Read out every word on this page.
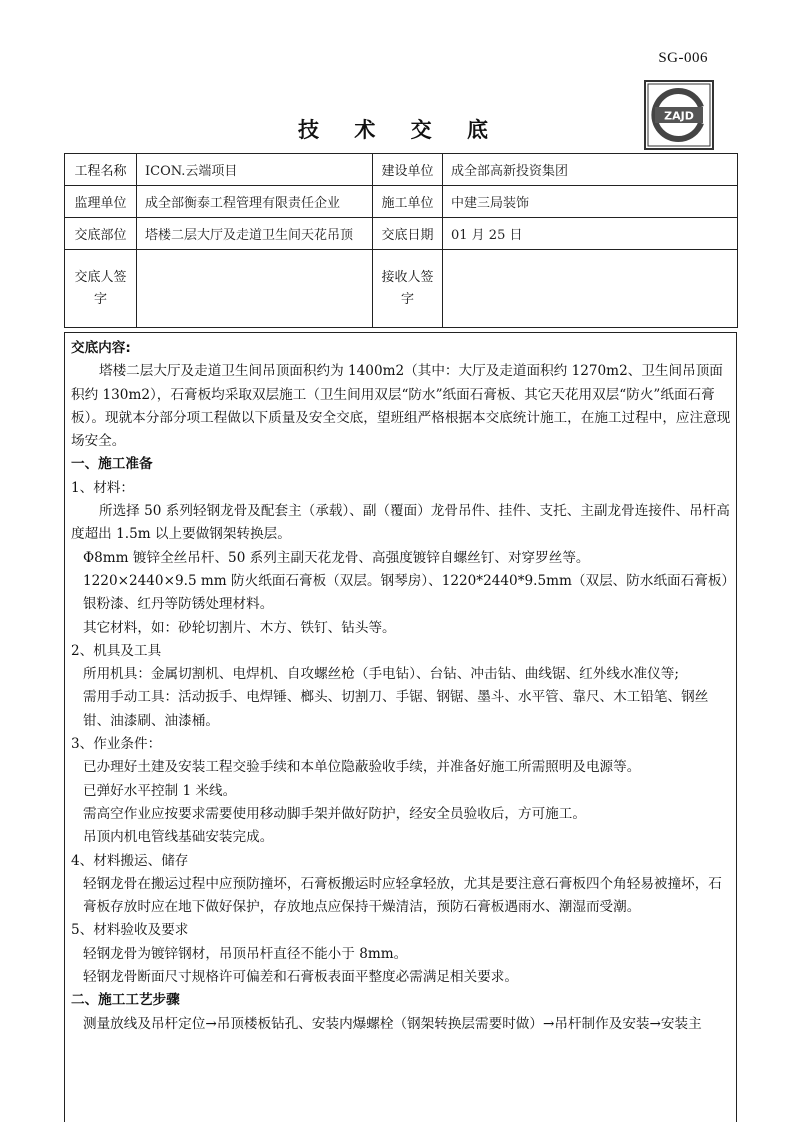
SG-006
ZAJD
技 术 交 底
工程名称	ICON.云端项目	建设单位	成全部高新投资集团
监理单位	成全部衡泰工程管理有限责任企业	施工单位	中建三局装饰
交底部位	塔楼二层大厅及走道卫生间天花吊顶	交底日期	01 月 25 日
交底人签
字		接收人签
字	

交底内容:

塔楼二层大厅及走道卫生间吊顶面积约为 1400m2（其中：大厅及走道面积约 1270m2、卫生间吊顶面积约 130m2），石膏板均采取双层施工（卫生间用双层“防水”纸面石膏板、其它天花用双层“防火”纸面石膏板）。现就本分部分项工程做以下质量及安全交底，望班组严格根据本交底统计施工，在施工过程中，应注意现场安全。

一、施工准备

1、材料：

所选择 50 系列轻钢龙骨及配套主（承载）、副（覆面）龙骨吊件、挂件、支托、主副龙骨连接件、吊杆高度超出 1.5m 以上要做钢架转换层。

Φ8mm 镀锌全丝吊杆、50 系列主副天花龙骨、高强度镀锌自螺丝钉、对穿罗丝等。

1220×2440×9.5 mm 防火纸面石膏板（双层。钢琴房）、1220*2440*9.5mm（双层、防水纸面石膏板）

银粉漆、红丹等防锈处理材料。

其它材料，如：砂轮切割片、木方、铁钉、钻头等。

2、机具及工具

所用机具：金属切割机、电焊机、自攻螺丝枪（手电钻）、台钻、冲击钻、曲线锯、红外线水准仪等;

需用手动工具：活动扳手、电焊锤、榔头、切割刀、手锯、钢锯、墨斗、水平管、靠尺、木工铅笔、钢丝钳、油漆刷、油漆桶。

3、作业条件：

已办理好土建及安装工程交验手续和本单位隐蔽验收手续，并准备好施工所需照明及电源等。

已弹好水平控制 1 米线。

需高空作业应按要求需要使用移动脚手架并做好防护，经安全员验收后，方可施工。

吊顶内机电管线基础安装完成。

4、材料搬运、储存

轻钢龙骨在搬运过程中应预防撞坏，石膏板搬运时应轻拿轻放，尤其是要注意石膏板四个角轻易被撞坏，石膏板存放时应在地下做好保护，存放地点应保持干燥清洁，预防石膏板遇雨水、潮湿而受潮。

5、材料验收及要求

轻钢龙骨为镀锌钢材，吊顶吊杆直径不能小于 8mm。

轻钢龙骨断面尺寸规格许可偏差和石膏板表面平整度必需满足相关要求。

二、施工工艺步骤

测量放线及吊杆定位→吊顶楼板钻孔、安装内爆螺栓（钢架转换层需要时做）→吊杆制作及安装→安装主
